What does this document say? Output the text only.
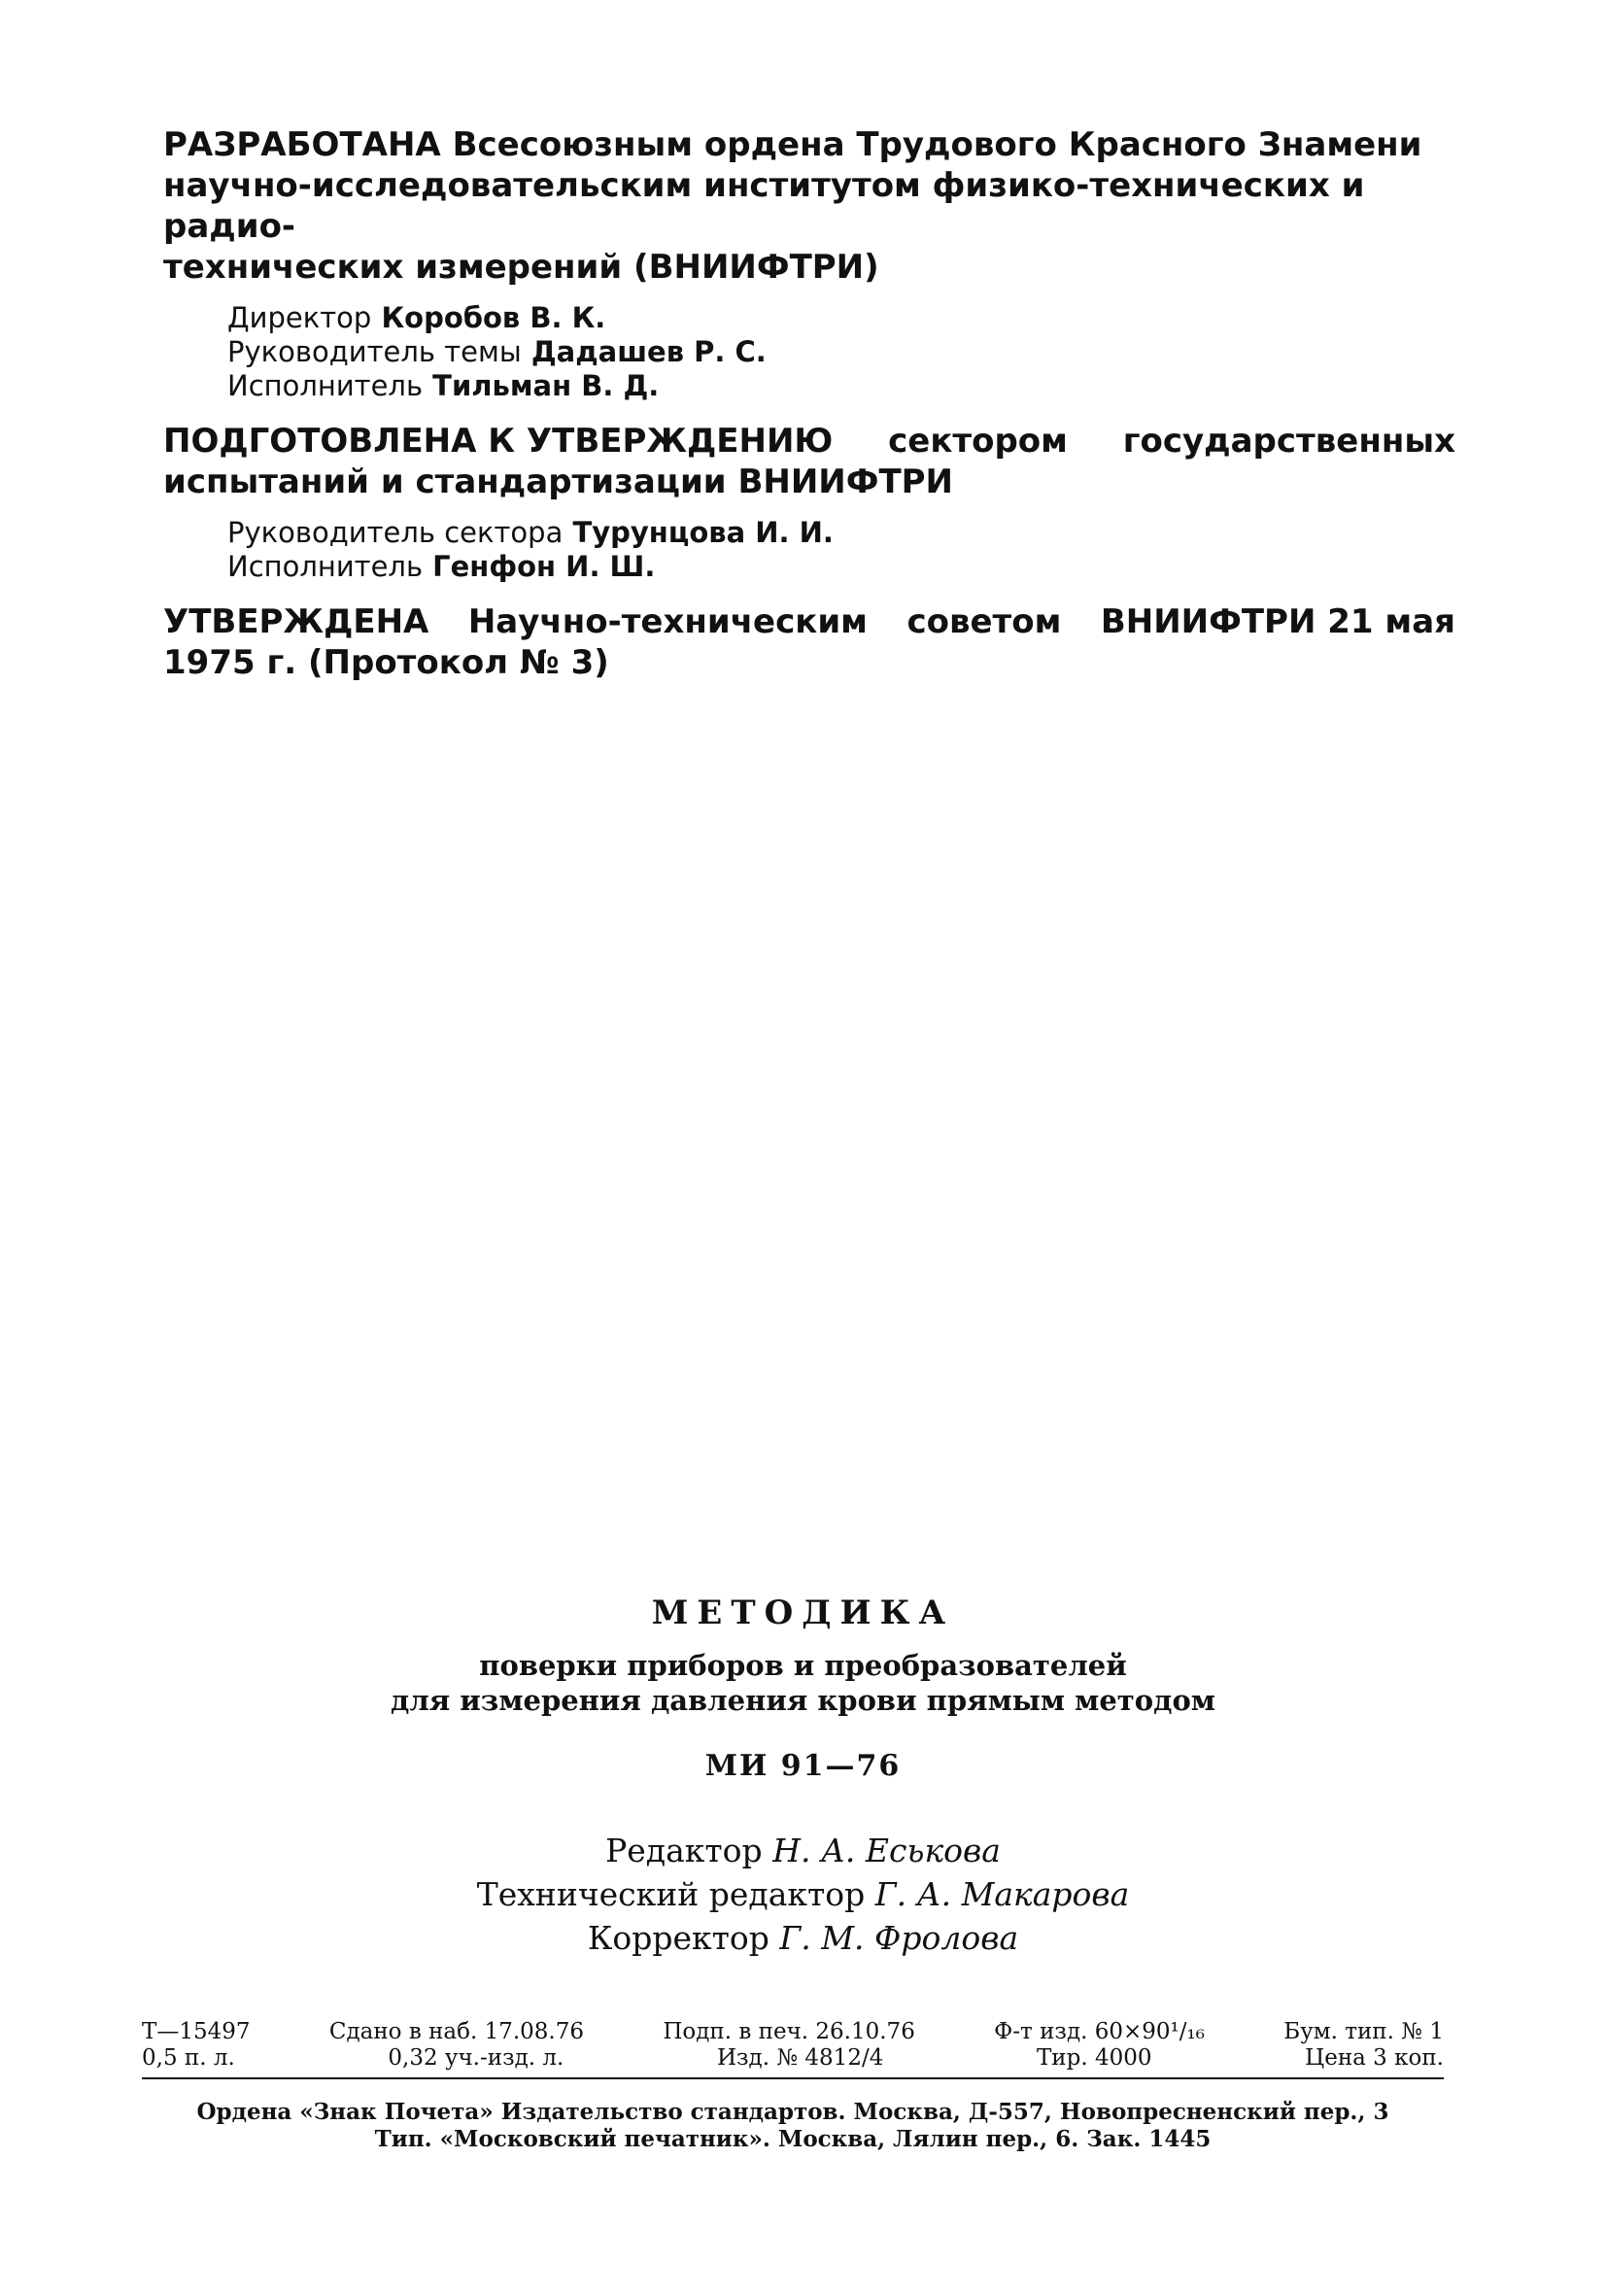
РАЗРАБОТАНА Всесоюзным ордена Трудового Красного Знамени
научно-исследовательским институтом физико-технических и радио-
технических измерений (ВНИИФТРИ)
Директор Коробов В. К.
Руководитель темы Дадашев Р. С.
Исполнитель Тильман В. Д.
ПОДГОТОВЛЕНА К УТВЕРЖДЕНИЮ сектором государственных
испытаний и стандартизации ВНИИФТРИ
Руководитель сектора Турунцова И. И.
Исполнитель Генфон И. Ш.
УТВЕРЖДЕНА Научно-техническим советом ВНИИФТРИ 21 мая
1975 г. (Протокол № 3)
МЕТОДИКА
поверки приборов и преобразователей
для измерения давления крови прямым методом
МИ 91—76
Редактор Н. А. Еськова
Технический редактор Г. А. Макарова
Корректор Г. М. Фролова
Т—15497	Сдано в наб. 17.08.76	Подп. в печ. 26.10.76	Ф-т изд. 60×90¹/₁₆	Бум. тип. № 1
0,5 п. л.	0,32 уч.-изд. л.	Изд. № 4812/4	Тир. 4000	Цена 3 коп.
Ордена «Знак Почета» Издательство стандартов. Москва, Д-557, Новопресненский пер., 3
Тип. «Московский печатник». Москва, Лялин пер., 6. Зак. 1445
